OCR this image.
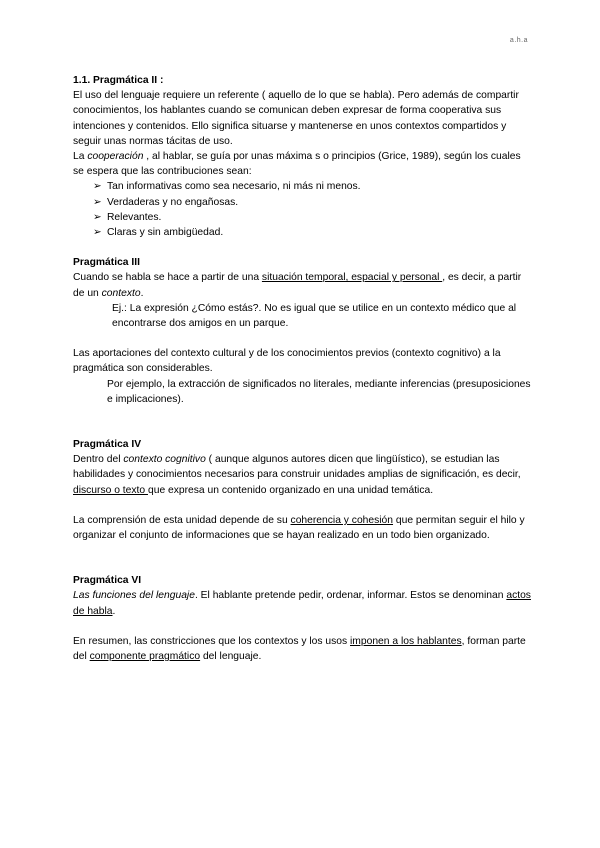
a.h.a
1.1. Pragmática II :

El uso del lenguaje requiere un referente ( aquello de lo que se habla). Pero además de compartir conocimientos, los hablantes cuando se comunican deben expresar de forma cooperativa sus intenciones y contenidos. Ello significa situarse y mantenerse en unos contextos compartidos y seguir unas normas tácitas de uso.

La cooperación , al hablar, se guía por unas máxima s o principios (Grice, 1989), según los cuales se espera que las contribuciones sean:

➢ Tan informativas como sea necesario, ni más ni menos.
➢ Verdaderas y no engañosas.
➢ Relevantes.
➢ Claras y sin ambigüedad.
Pragmática III

Cuando se habla se hace a partir de una situación temporal, espacial y personal , es decir, a partir de un contexto.

Ej.: La expresión ¿Cómo estás?. No es igual que se utilice en un contexto médico que al encontrarse dos amigos en un parque.

Las aportaciones del contexto cultural y de los conocimientos previos (contexto cognitivo) a la pragmática son considerables.

Por ejemplo, la extracción de significados no literales, mediante inferencias (presuposiciones e implicaciones).

Pragmática IV

Dentro del contexto cognitivo ( aunque algunos autores dicen que lingüístico), se estudian las habilidades y conocimientos necesarios para construir unidades amplias de significación, es decir, discurso o texto que expresa un contenido organizado en una unidad temática.

La comprensión de esta unidad depende de su coherencia y cohesión que permitan seguir el hilo y organizar el conjunto de informaciones que se hayan realizado en un todo bien organizado.

Pragmática VI

Las funciones del lenguaje. El hablante pretende pedir, ordenar, informar. Estos se denominan actos de habla.

En resumen, las constricciones que los contextos y los usos imponen a los hablantes, forman parte del componente pragmático del lenguaje.
